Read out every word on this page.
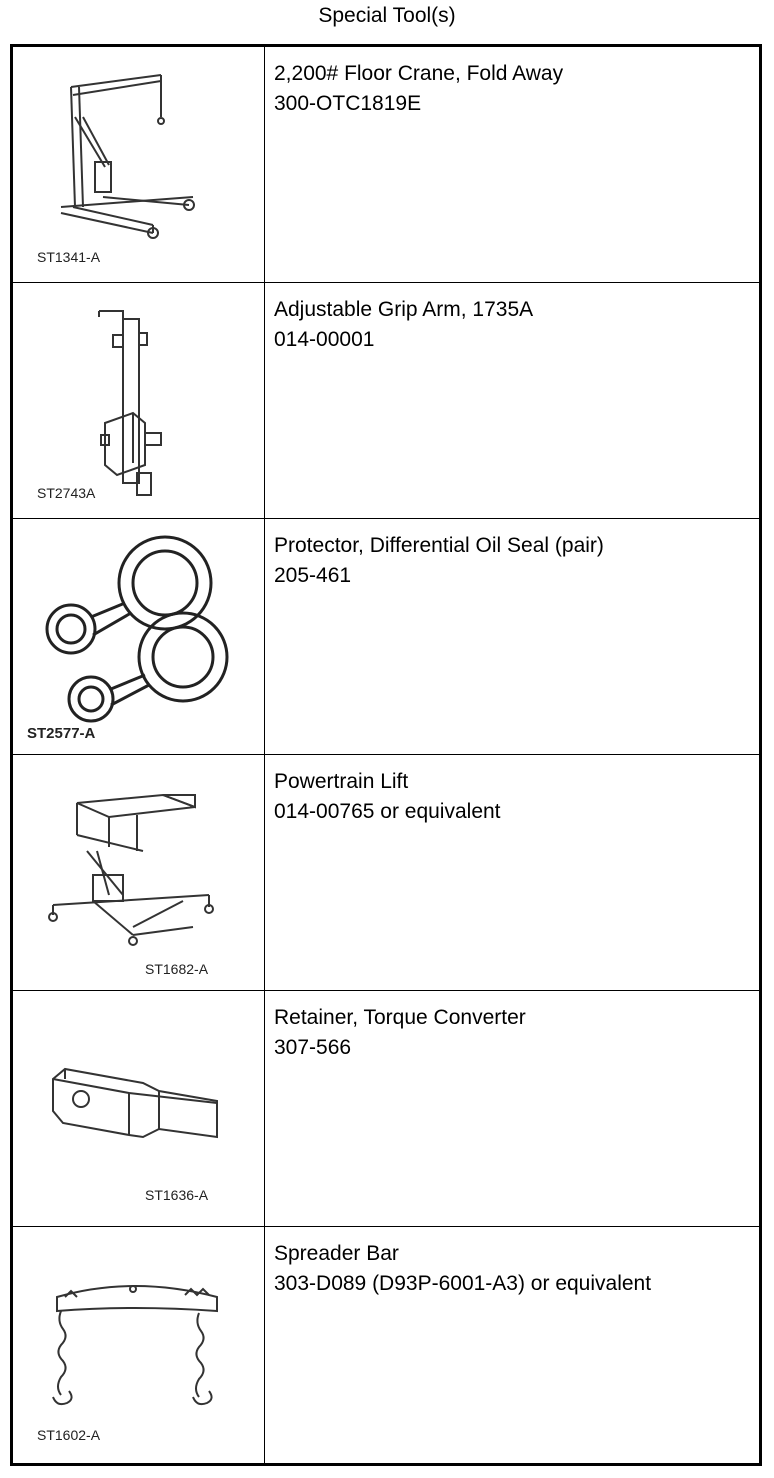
Special Tool(s)
ST1341-A
2,200# Floor Crane, Fold Away
300-OTC1819E
ST2743A
Adjustable Grip Arm, 1735A
014-00001
ST2577-A
Protector, Differential Oil Seal (pair)
205-461
ST1682-A
Powertrain Lift
014-00765 or equivalent
ST1636-A
Retainer, Torque Converter
307-566
ST1602-A
Spreader Bar
303-D089 (D93P-6001-A3) or equivalent
